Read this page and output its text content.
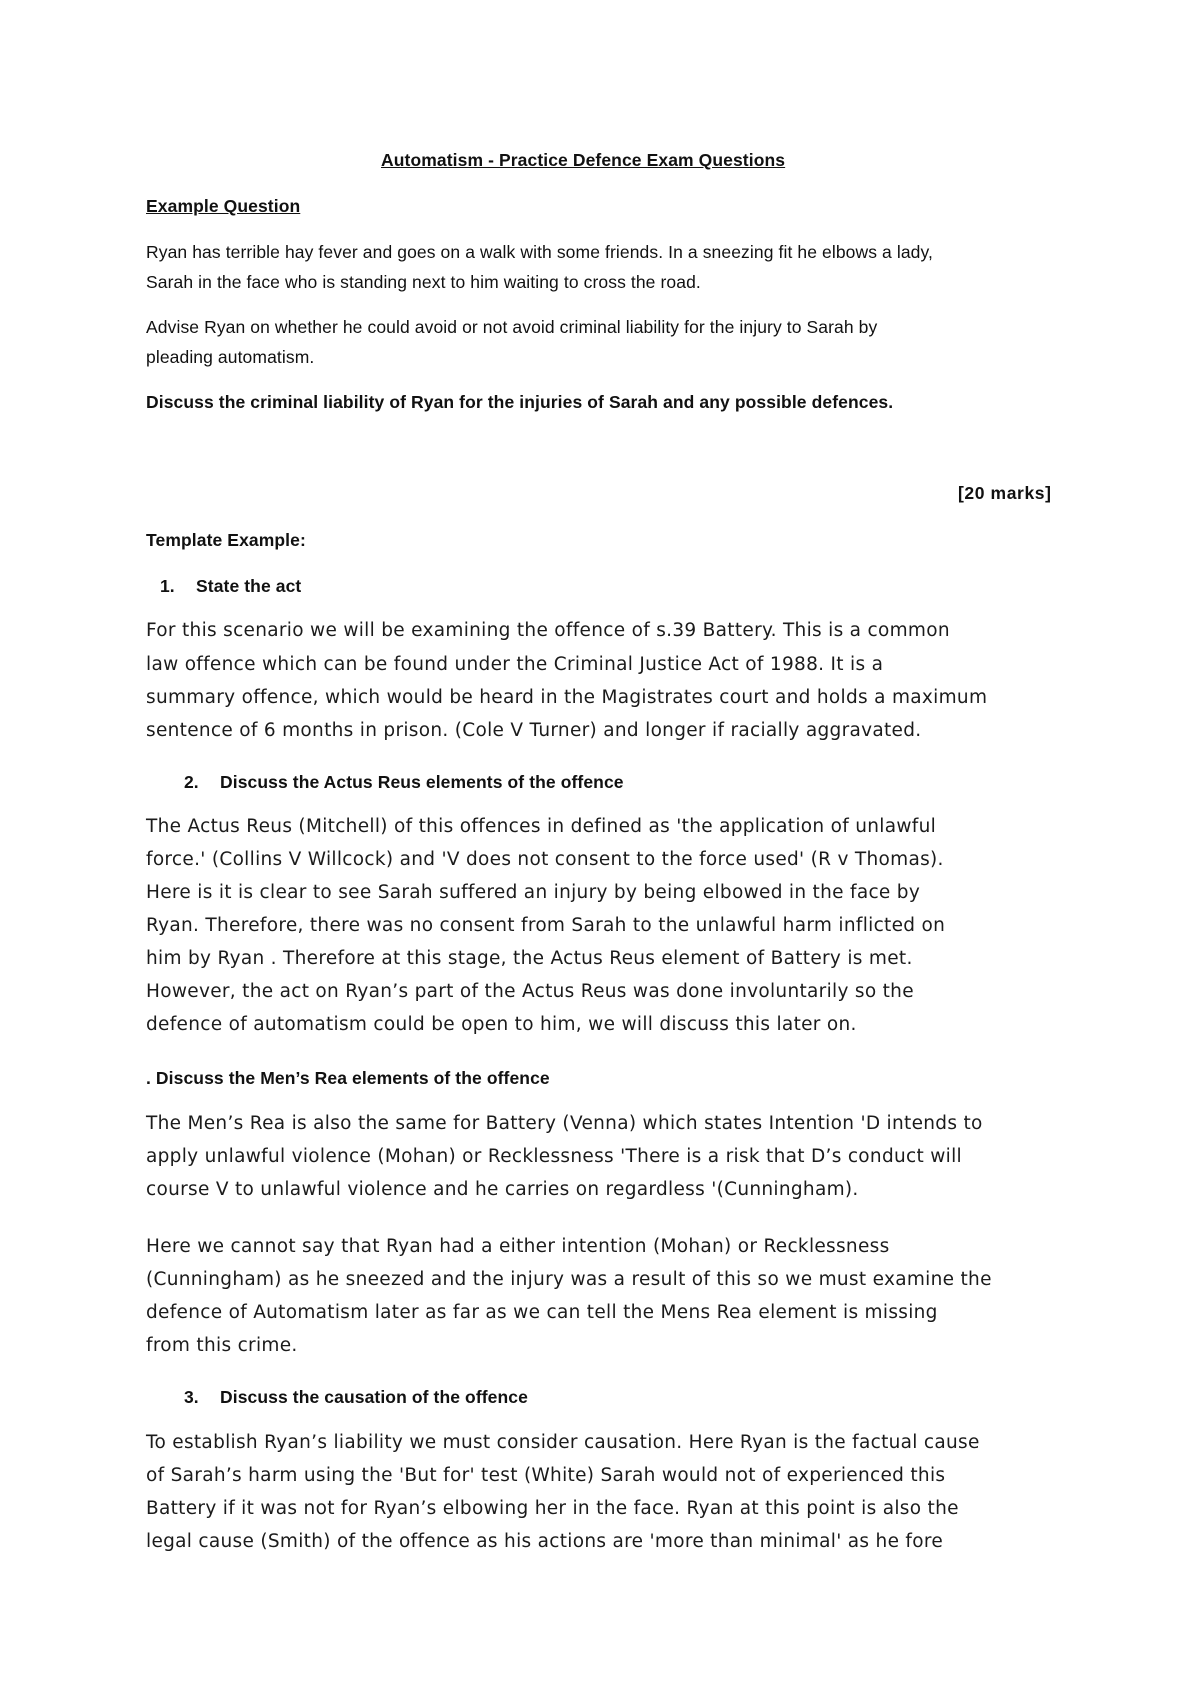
Automatism - Practice Defence Exam Questions
Example Question
Ryan has terrible hay fever and goes on a walk with some friends. In a sneezing fit he elbows a lady,
Sarah in the face who is standing next to him waiting to cross the road.
Advise Ryan on whether he could avoid or not avoid criminal liability for the injury to Sarah by
pleading automatism.
Discuss the criminal liability of Ryan for the injuries of Sarah and any possible defences.
[20 marks]
Template Example:
1. State the act
For this scenario we will be examining the offence of s.39 Battery. This is a common
law offence which can be found under the Criminal Justice Act of 1988. It is a
summary offence, which would be heard in the Magistrates court and holds a maximum
sentence of 6 months in prison. (Cole V Turner) and longer if racially aggravated.
2. Discuss the Actus Reus elements of the offence
The Actus Reus (Mitchell) of this offences in defined as 'the application of unlawful
force.' (Collins V Willcock) and 'V does not consent to the force used' (R v Thomas).
Here is it is clear to see Sarah suffered an injury by being elbowed in the face by
Ryan. Therefore, there was no consent from Sarah to the unlawful harm inflicted on
him by Ryan . Therefore at this stage, the Actus Reus element of Battery is met.
However, the act on Ryan’s part of the Actus Reus was done involuntarily so the
defence of automatism could be open to him, we will discuss this later on.
. Discuss the Men’s Rea elements of the offence
The Men’s Rea is also the same for Battery (Venna) which states Intention 'D intends to
apply unlawful violence (Mohan) or Recklessness 'There is a risk that D’s conduct will
course V to unlawful violence and he carries on regardless '(Cunningham).
Here we cannot say that Ryan had a either intention (Mohan) or Recklessness
(Cunningham) as he sneezed and the injury was a result of this so we must examine the
defence of Automatism later as far as we can tell the Mens Rea element is missing
from this crime.
3. Discuss the causation of the offence
To establish Ryan’s liability we must consider causation. Here Ryan is the factual cause
of Sarah’s harm using the 'But for' test (White) Sarah would not of experienced this
Battery if it was not for Ryan’s elbowing her in the face. Ryan at this point is also the
legal cause (Smith) of the offence as his actions are 'more than minimal' as he fore
